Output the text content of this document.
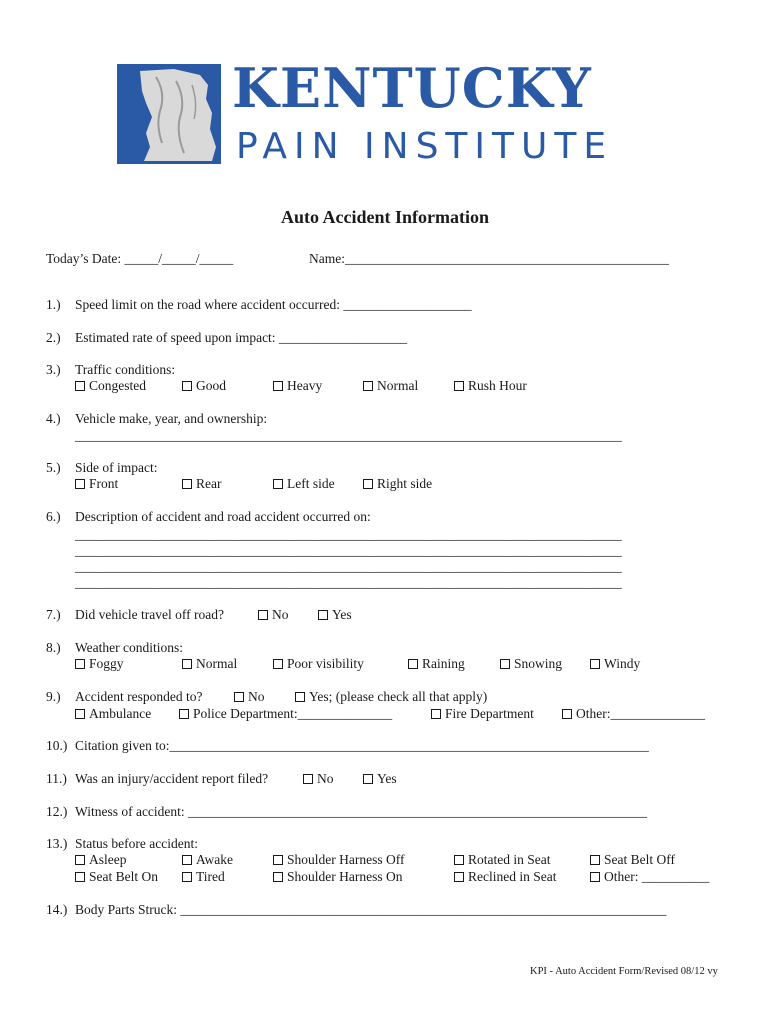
KENTUCKY
PAIN INSTITUTE
Auto Accident Information
Today’s Date: _____/_____/_____	Name:________________________________________________
1.) Speed limit on the road where accident occurred: ___________________
2.) Estimated rate of speed upon impact: ___________________
3.) Traffic conditions:
Congested	Good	Heavy	Normal	Rush Hour
4.) Vehicle make, year, and ownership:
_________________________________________________________________________________
5.) Side of impact:
Front	Rear	Left side	Right side
6.) Description of accident and road accident occurred on:
_________________________________________________________________________________
_________________________________________________________________________________
_________________________________________________________________________________
_________________________________________________________________________________
7.) Did vehicle travel off road?	No	Yes
8.) Weather conditions:
Foggy	Normal	Poor visibility	Raining	Snowing	Windy
9.) Accident responded to?	No	Yes; (please check all that apply)
Ambulance	Police Department:______________	Fire Department	Other:______________
10.) Citation given to:_______________________________________________________________________
11.) Was an injury/accident report filed?	No	Yes
12.) Witness of accident: ____________________________________________________________________
13.) Status before accident:
Asleep	Awake	Shoulder Harness Off	Rotated in Seat	Seat Belt Off
Seat Belt On	Tired	Shoulder Harness On	Reclined in Seat	Other: __________
14.) Body Parts Struck: ________________________________________________________________________
KPI - Auto Accident Form/Revised 08/12 vy
